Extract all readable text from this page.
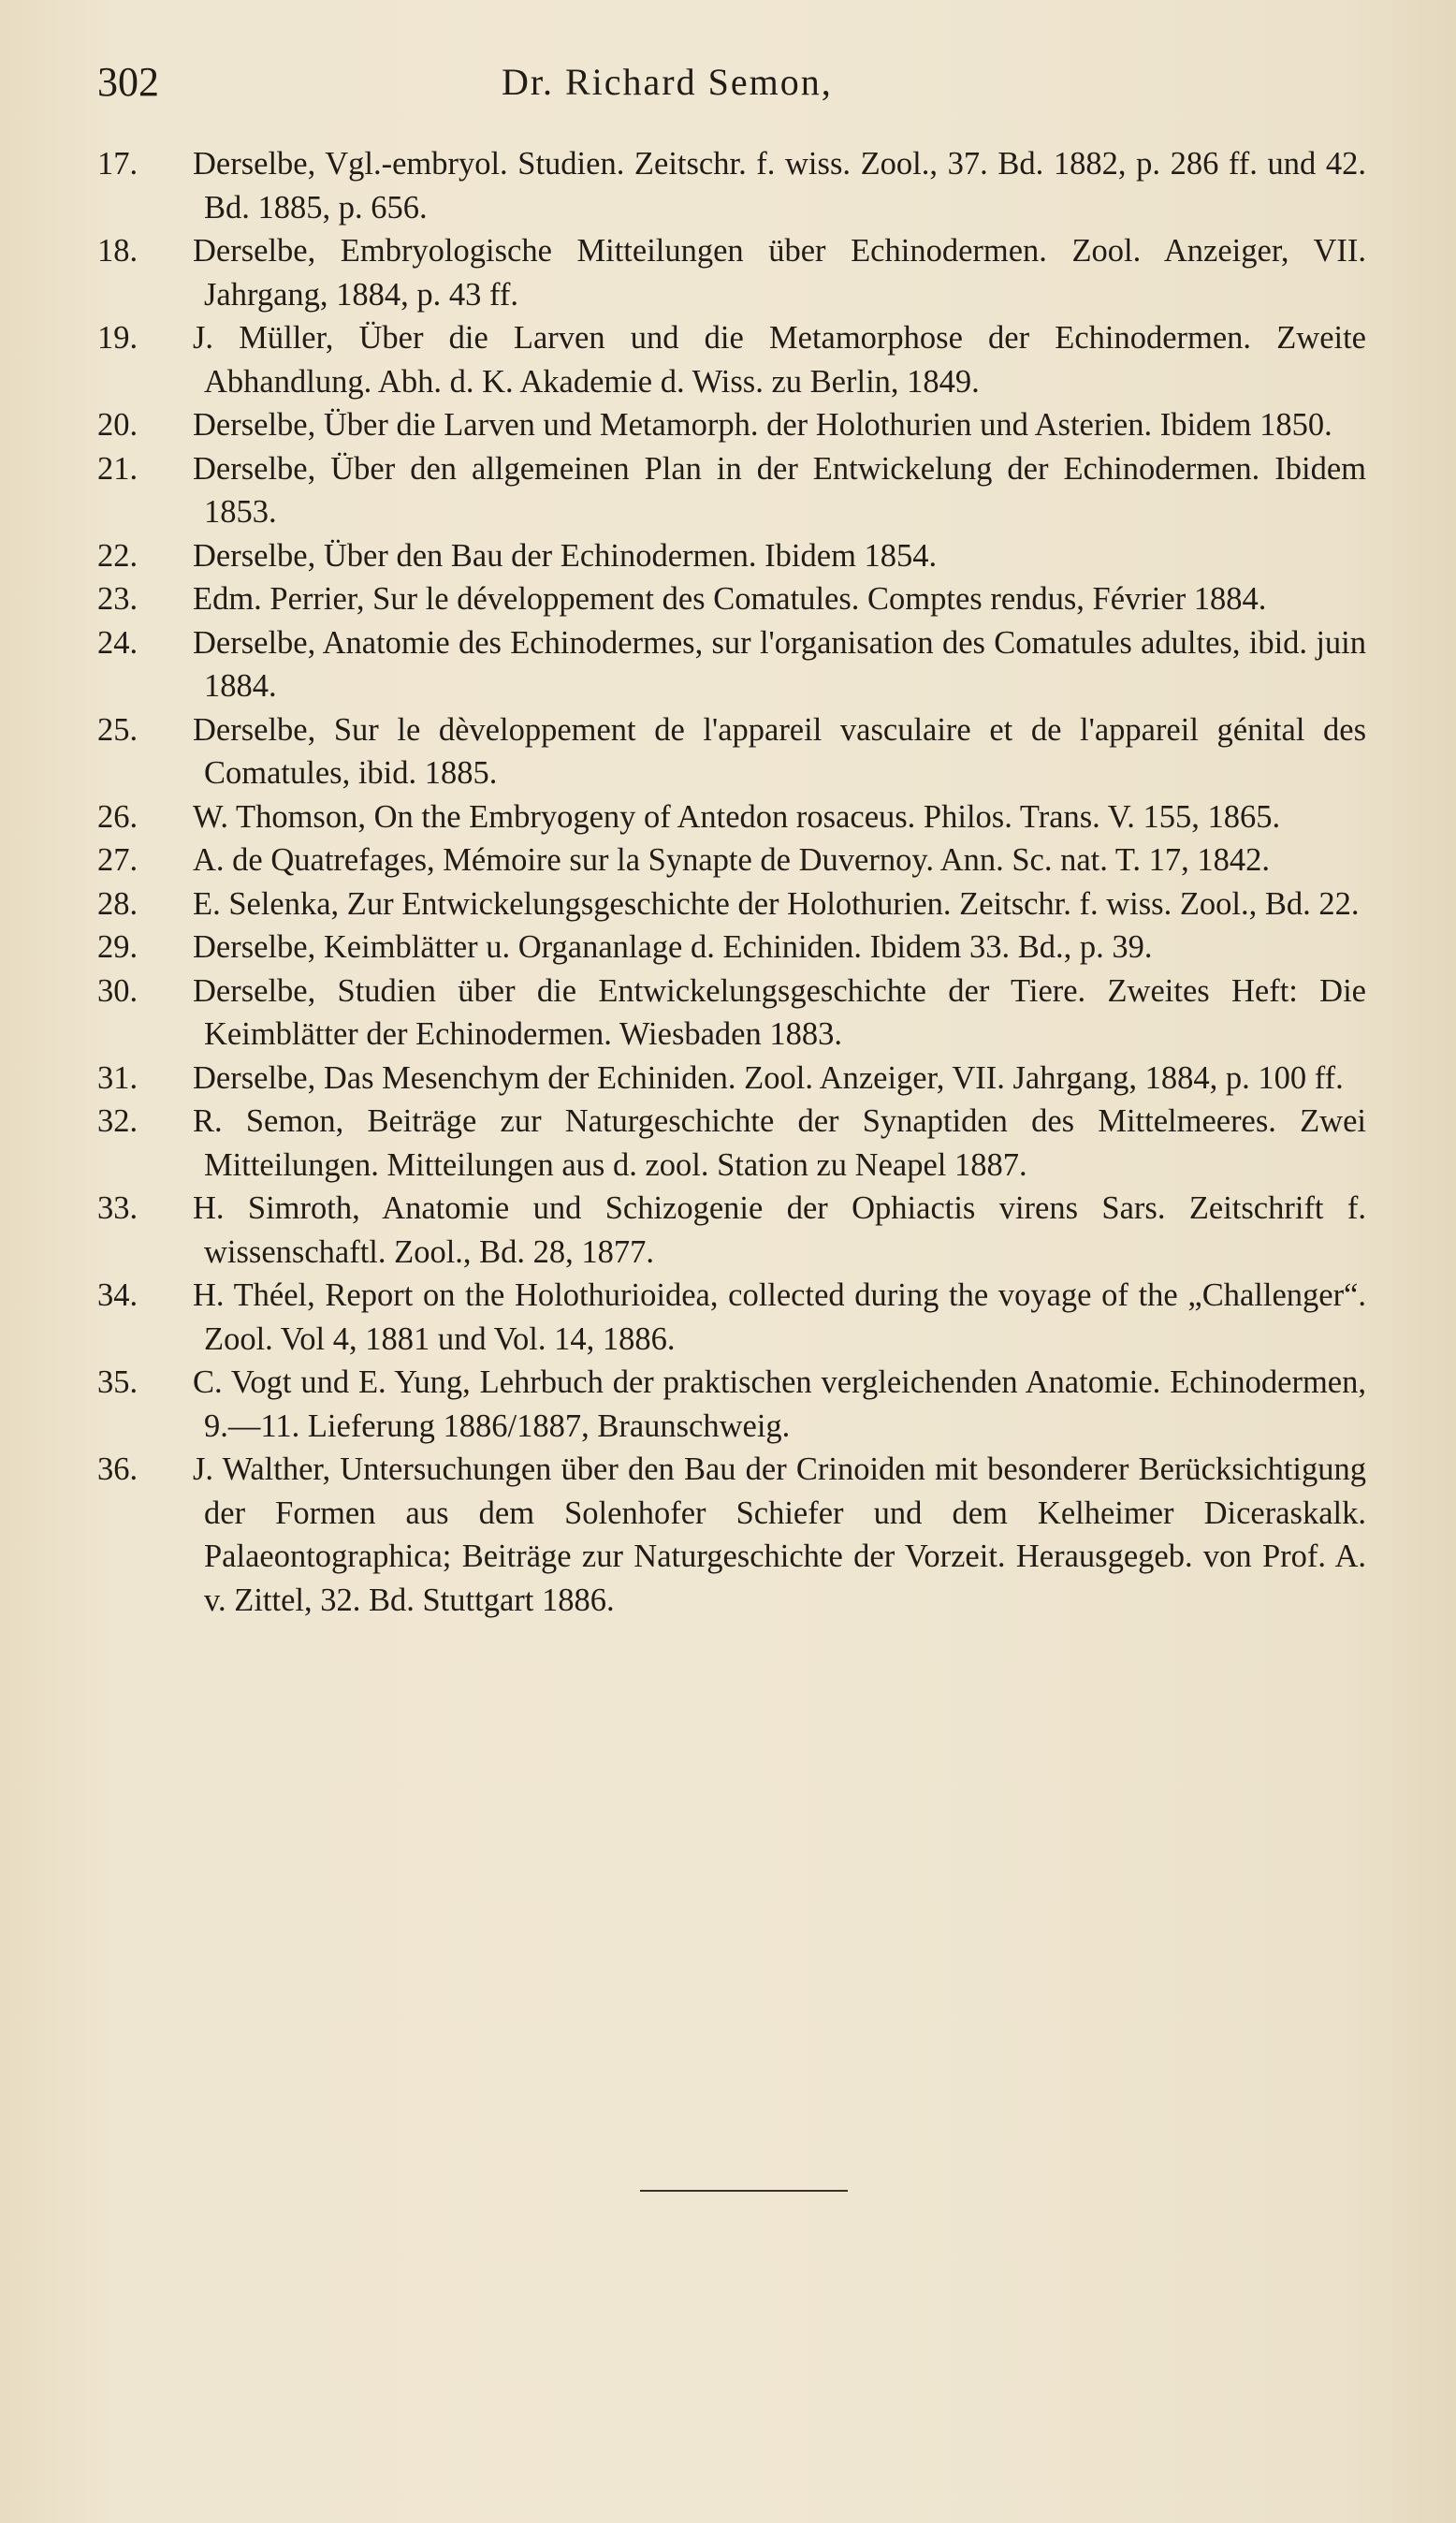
302	Dr. Richard Semon,
17.	Derselbe, Vgl.-embryol. Studien. Zeitschr. f. wiss. Zool., 37. Bd. 1882, p. 286 ff. und 42. Bd. 1885, p. 656.
18.	Derselbe, Embryologische Mitteilungen über Echinodermen. Zool. Anzeiger, VII. Jahrgang, 1884, p. 43 ff.
19.	J. Müller, Über die Larven und die Metamorphose der Echinodermen. Zweite Abhandlung. Abh. d. K. Akademie d. Wiss. zu Berlin, 1849.
20.	Derselbe, Über die Larven und Metamorph. der Holothurien und Asterien. Ibidem 1850.
21.	Derselbe, Über den allgemeinen Plan in der Entwickelung der Echinodermen. Ibidem 1853.
22.	Derselbe, Über den Bau der Echinodermen. Ibidem 1854.
23.	Edm. Perrier, Sur le développement des Comatules. Comptes rendus, Février 1884.
24.	Derselbe, Anatomie des Echinodermes, sur l'organisation des Comatules adultes, ibid. juin 1884.
25.	Derselbe, Sur le dèveloppement de l'appareil vasculaire et de l'appareil génital des Comatules, ibid. 1885.
26.	W. Thomson, On the Embryogeny of Antedon rosaceus. Philos. Trans. V. 155, 1865.
27.	A. de Quatrefages, Mémoire sur la Synapte de Duvernoy. Ann. Sc. nat. T. 17, 1842.
28.	E. Selenka, Zur Entwickelungsgeschichte der Holothurien. Zeitschr. f. wiss. Zool., Bd. 22.
29.	Derselbe, Keimblätter u. Organanlage d. Echiniden. Ibidem 33. Bd., p. 39.
30.	Derselbe, Studien über die Entwickelungsgeschichte der Tiere. Zweites Heft: Die Keimblätter der Echinodermen. Wiesbaden 1883.
31.	Derselbe, Das Mesenchym der Echiniden. Zool. Anzeiger, VII. Jahrgang, 1884, p. 100 ff.
32.	R. Semon, Beiträge zur Naturgeschichte der Synaptiden des Mittelmeeres. Zwei Mitteilungen. Mitteilungen aus d. zool. Station zu Neapel 1887.
33.	H. Simroth, Anatomie und Schizogenie der Ophiactis virens Sars. Zeitschrift f. wissenschaftl. Zool., Bd. 28, 1877.
34.	H. Théel, Report on the Holothurioidea, collected during the voyage of the „Challenger“. Zool. Vol 4, 1881 und Vol. 14, 1886.
35.	C. Vogt und E. Yung, Lehrbuch der praktischen vergleichenden Anatomie. Echinodermen, 9.—11. Lieferung 1886/1887, Braunschweig.
36.	J. Walther, Untersuchungen über den Bau der Crinoiden mit besonderer Berücksichtigung der Formen aus dem Solenhofer Schiefer und dem Kelheimer Diceraskalk. Palaeontographica; Beiträge zur Naturgeschichte der Vorzeit. Herausgegeb. von Prof. A. v. Zittel, 32. Bd. Stuttgart 1886.
